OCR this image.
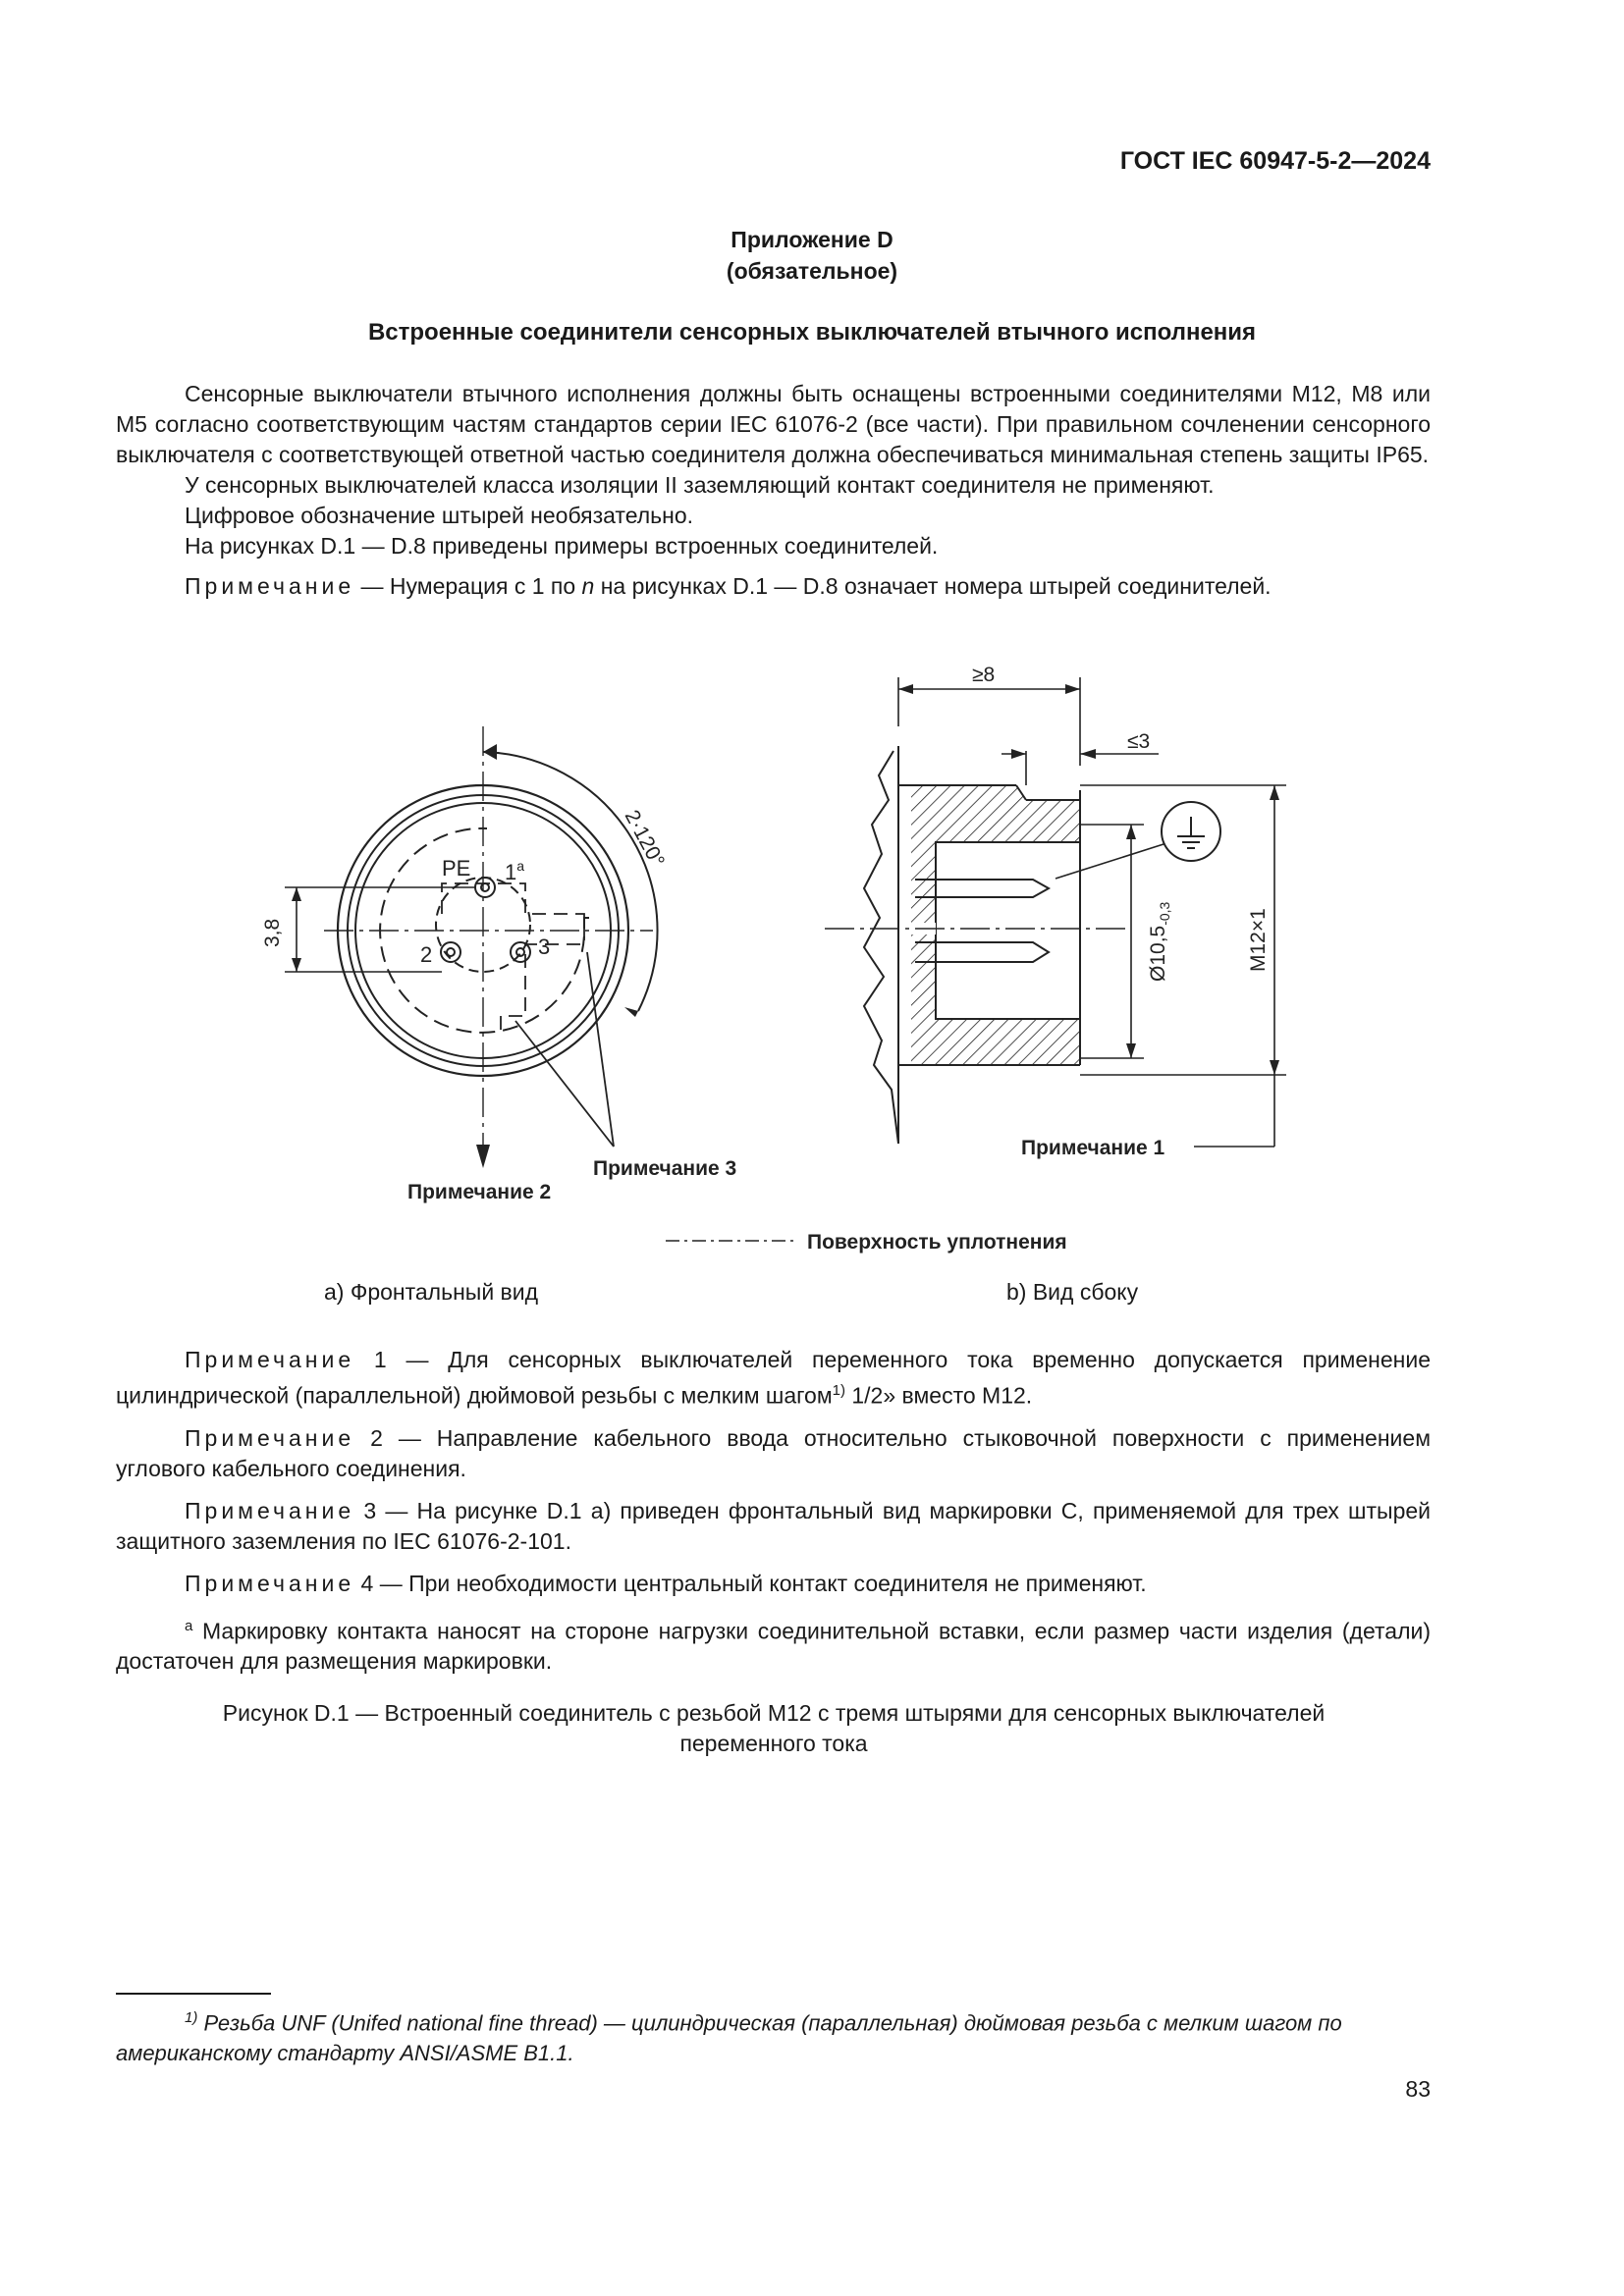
ГОСТ IEC 60947-5-2—2024
Приложение D
(обязательное)
Встроенные соединители сенсорных выключателей втычного исполнения

Сенсорные выключатели втычного исполнения должны быть оснащены встроенными соединителями M12, M8 или M5 согласно соответствующим частям стандартов серии IEC 61076-2 (все части). При правильном сочленении сенсорного выключателя с соответствующей ответной частью соединителя должна обеспечиваться минимальная степень защиты IP65.

У сенсорных выключателей класса изоляции II заземляющий контакт соединителя не применяют.

Цифровое обозначение штырей необязательно.

На рисунках D.1 — D.8 приведены примеры встроенных соединителей.

Примечание — Нумерация с 1 по n на рисунках D.1 — D.8 означает номера штырей соединителей.

PE 1$^a$
2	3
3,8
2·120°
Примечание 2
Примечание 3
≥8
≤3
$Ø10,5_{-0,3}$	M12×1
Примечание 1
Поверхность уплотнения
a) Фронтальный вид	b) Вид сбоку

Примечание 1 — Для сенсорных выключателей переменного тока временно допускается применение цилиндрической (параллельной) дюймовой резьбы с мелким шагом$^{1)}$ 1/2» вместо M12.

Примечание 2 — Направление кабельного ввода относительно стыковочной поверхности с применением углового кабельного соединения.

Примечание 3 — На рисунке D.1 a) приведен фронтальный вид маркировки C, применяемой для трех штырей защитного заземления по IEC 61076-2-101.

Примечание 4 — При необходимости центральный контакт соединителя не применяют.

$^a$ Маркировку контакта наносят на стороне нагрузки соединительной вставки, если размер части изделия (детали) достаточен для размещения маркировки.

Рисунок D.1 — Встроенный соединитель с резьбой M12 с тремя штырями для сенсорных выключателей переменного тока
$^{1)}$ Резьба UNF (Unifed national fine thread) — цилиндрическая (параллельная) дюймовая резьба с мелким шагом по американскому стандарту ANSI/ASME B1.1.
83
